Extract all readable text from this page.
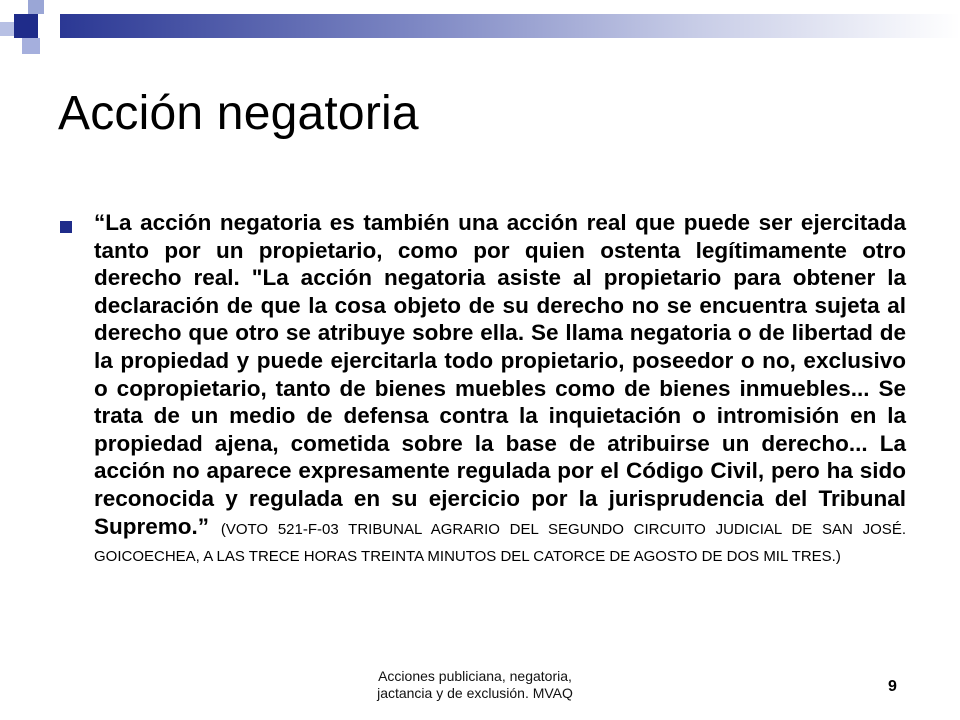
Acción negatoria
“La acción negatoria es también una acción real que puede ser ejercitada tanto por un propietario, como por quien ostenta legítimamente otro derecho real. "La acción negatoria asiste al propietario para obtener la declaración de que la cosa objeto de su derecho no se encuentra sujeta al derecho que otro se atribuye sobre ella. Se llama negatoria o de libertad de la propiedad y puede ejercitarla todo propietario, poseedor o no, exclusivo o copropietario, tanto de bienes muebles como de bienes inmuebles... Se trata de un medio de defensa contra la inquietación o intromisión en la propiedad ajena, cometida sobre la base de atribuirse un derecho... La acción no aparece expresamente regulada por el Código Civil, pero ha sido reconocida y regulada en su ejercicio por la jurisprudencia del Tribunal Supremo.” (VOTO 521-F-03 TRIBUNAL AGRARIO DEL SEGUNDO CIRCUITO JUDICIAL DE SAN JOSÉ. GOICOECHEA, A LAS TRECE HORAS TREINTA MINUTOS DEL CATORCE DE AGOSTO DE DOS MIL TRES.)
Acciones publiciana, negatoria,
jactancia y de exclusión. MVAQ	9
